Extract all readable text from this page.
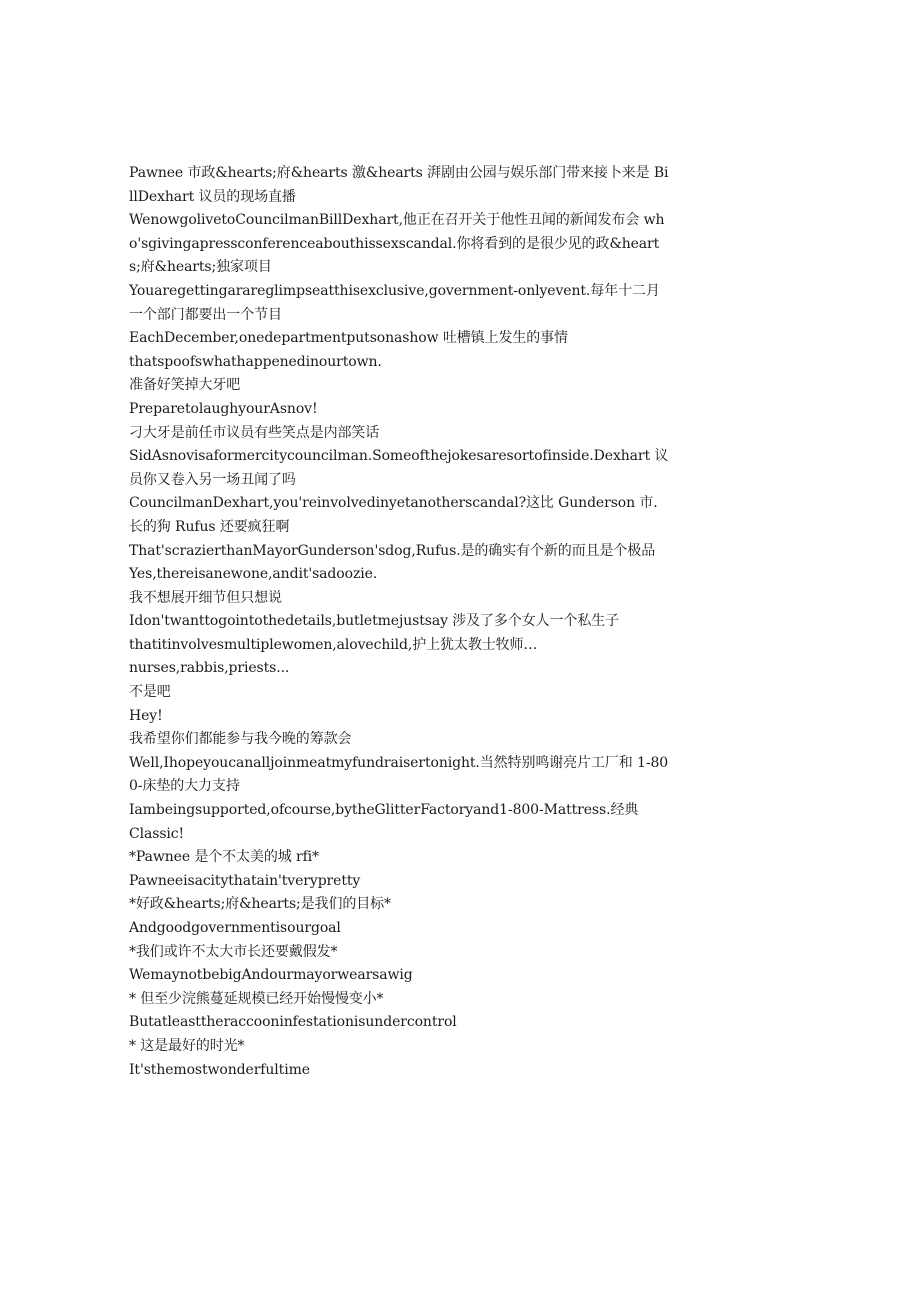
Pawnee 市政&hearts;府&hearts 激&hearts 湃剧由公园与娱乐部门带来接卜来是 BillDexhart 议员的现场直播

WenowgolivetoCouncilmanBillDexhart,他正在召开关于他性丑闻的新闻发布会 who'sgivingapressconferenceabouthissexscandal.你将看到的是很少见的政&hearts;府&hearts;独家项目

Youaregettingarareglimpseatthisexclusive,government-onlyevent.每年十二月一个部门都要出一个节目

EachDecember,onedepartmentputsonashow 吐槽镇上发生的事情

thatspoofswhathappenedinourtown.

准备好笑掉大牙吧

PreparetolaughyourAsnov!

刁大牙是前任市议员有些笑点是内部笑话

SidAsnovisaformercitycouncilman.Someofthejokesaresortofinside.Dexhart 议员你又卷入另一场丑闻了吗

CouncilmanDexhart,you'reinvolvedinyetanotherscandal?这比 Gunderson 市. 长的狗 Rufus 还要疯狂啊

That'scrazierthanMayorGunderson'sdog,Rufus.是的确实有个新的而且是个极品

Yes,thereisanewone,andit'sadoozie.

我不想展开细节但只想说

Idon'twanttogointothedetails,butletmejustsay 涉及了多个女人一个私生子

thatitinvolvesmultiplewomen,alovechild,护上犹太教士牧师…

nurses,rabbis,priests...

不是吧

Hey!

我希望你们都能参与我今晚的筹款会

Well,Ihopeyoucanalljoinmeatmyfundraisertonight.当然特别鸣谢亮片工厂和 1-800-床垫的大力支持

Iambeingsupported,ofcourse,bytheGlitterFactoryand1-800-Mattress.经典

Classic!

*Pawnee 是个不太美的城 rfi*

Pawneeisacitythatain'tverypretty

*好政&hearts;府&hearts;是我们的目标*

Andgoodgovernmentisourgoal

*我们或许不太大市长还要戴假发*

WemaynotbebigAndourmayorwearsawig

* 但至少浣熊蔓延规模已经开始慢慢变小*

Butatleasttheraccooninfestationisundercontrol

* 这是最好的时光*

It'sthemostwonderfultime
